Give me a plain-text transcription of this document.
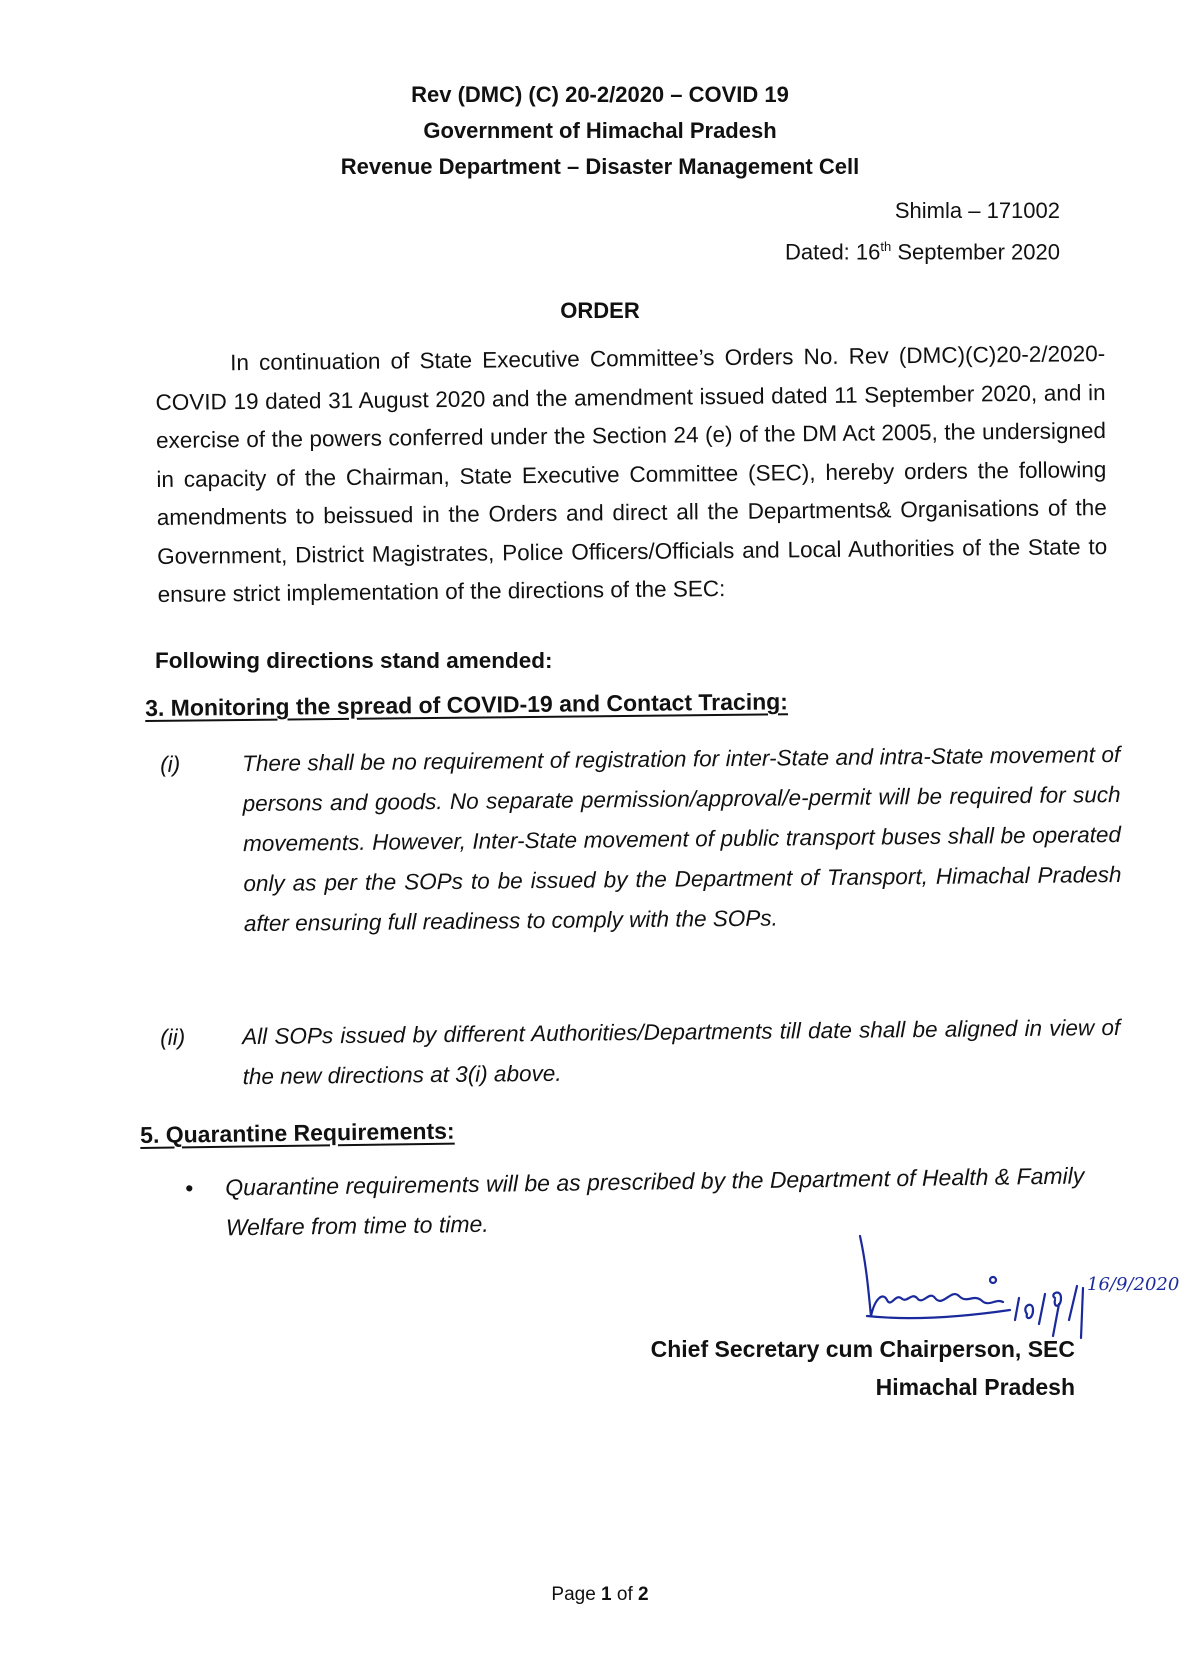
Rev (DMC) (C) 20-2/2020 – COVID 19
Government of Himachal Pradesh
Revenue Department – Disaster Management Cell
Shimla – 171002
Dated: 16th September 2020
ORDER

In continuation of State Executive Committee’s Orders No. Rev (DMC)(C)20-2/2020-COVID 19 dated 31 August 2020 and the amendment issued dated 11 September 2020, and in exercise of the powers conferred under the Section 24 (e) of the DM Act 2005, the undersigned in capacity of the Chairman, State Executive Committee (SEC), hereby orders the following amendments to beissued in the Orders and direct all the Departments& Organisations of the Government, District Magistrates, Police Officers/Officials and Local Authorities of the State to ensure strict implementation of the directions of the SEC:

Following directions stand amended:
3. Monitoring the spread of COVID-19 and Contact Tracing:
(i)	There shall be no requirement of registration for inter-State and intra-State movement of persons and goods. No separate permission/approval/e-permit will be required for such movements. However, Inter-State movement of public transport buses shall be operated only as per the SOPs to be issued by the Department of Transport, Himachal Pradesh after ensuring full readiness to comply with the SOPs.
(ii)	All SOPs issued by different Authorities/Departments till date shall be aligned in view of the new directions at 3(i) above.
5. Quarantine Requirements:
•	Quarantine requirements will be as prescribed by the Department of Health & Family Welfare from time to time.
16/9/2020
Chief Secretary cum Chairperson, SEC
Himachal Pradesh
Page 1 of 2
